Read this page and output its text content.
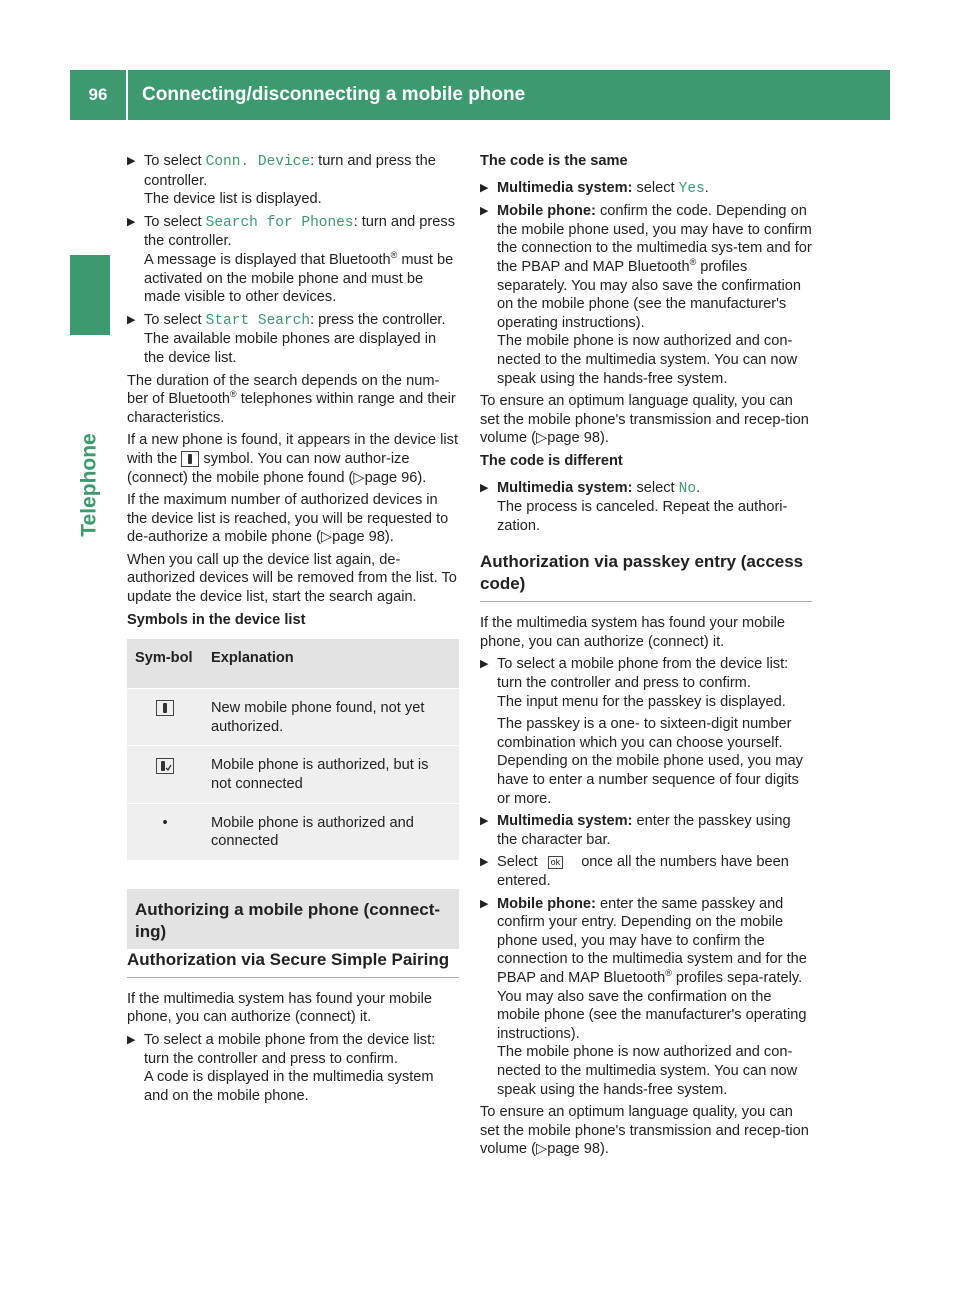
96	Connecting/disconnecting a mobile phone
Telephone
▶ To select Conn. Device: turn and press the controller.
The device list is displayed.
▶ To select Search for Phones: turn and press the controller.
A message is displayed that Bluetooth® must be activated on the mobile phone and must be made visible to other devices.
▶ To select Start Search: press the controller.
The available mobile phones are displayed in the device list.

The duration of the search depends on the num-ber of Bluetooth® telephones within range and their characteristics.

If a new phone is found, it appears in the device list with the  symbol. You can now author-ize (connect) the mobile phone found (▷page 96).

If the maximum number of authorized devices in the device list is reached, you will be requested to de-authorize a mobile phone (▷page 98).

When you call up the device list again, de-authorized devices will be removed from the list. To update the device list, start the search again.

Symbols in the device list

Sym-bol	Explanation
	New mobile phone found, not yet authorized.
	Mobile phone is authorized, but is not connected
•	Mobile phone is authorized and connected
Authorizing a mobile phone (connect-ing)
Authorization via Secure Simple Pairing

If the multimedia system has found your mobile phone, you can authorize (connect) it.

▶ To select a mobile phone from the device list: turn the controller and press to confirm.
A code is displayed in the multimedia system and on the mobile phone.

The code is the same

▶ Multimedia system: select Yes.
▶ Mobile phone: confirm the code. Depending on the mobile phone used, you may have to confirm the connection to the multimedia sys-tem and for the PBAP and MAP Bluetooth® profiles separately. You may also save the confirmation on the mobile phone (see the manufacturer's operating instructions).
The mobile phone is now authorized and con-nected to the multimedia system. You can now speak using the hands-free system.

To ensure an optimum language quality, you can set the mobile phone's transmission and recep-tion volume (▷page 98).

The code is different

▶ Multimedia system: select No.
The process is canceled. Repeat the authori-zation.
Authorization via passkey entry (access code)

If the multimedia system has found your mobile phone, you can authorize (connect) it.

▶ To select a mobile phone from the device list: turn the controller and press to confirm.
The input menu for the passkey is displayed.
The passkey is a one- to sixteen-digit number combination which you can choose yourself. Depending on the mobile phone used, you may have to enter a number sequence of four digits or more.
▶ Multimedia system: enter the passkey using the character bar.
▶ Select ok once all the numbers have been entered.
▶ Mobile phone: enter the same passkey and confirm your entry. Depending on the mobile phone used, you may have to confirm the connection to the multimedia system and for the PBAP and MAP Bluetooth® profiles sepa-rately. You may also save the confirmation on the mobile phone (see the manufacturer's operating instructions).
The mobile phone is now authorized and con-nected to the multimedia system. You can now speak using the hands-free system.

To ensure an optimum language quality, you can set the mobile phone's transmission and recep-tion volume (▷page 98).
